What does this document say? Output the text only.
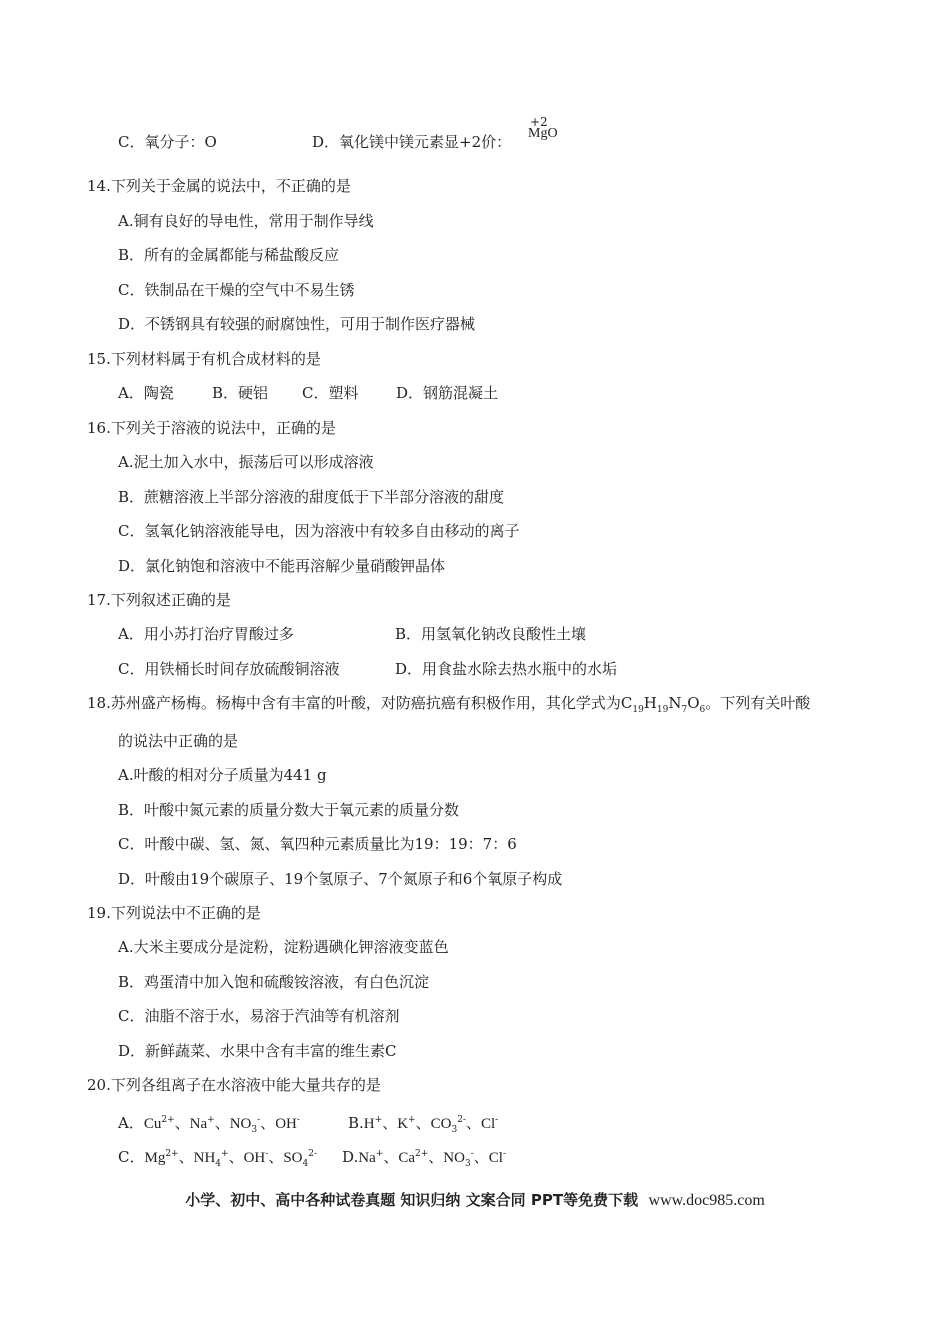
C．氧分子：O	D．氧化镁中镁元素显+2价：
+2
MgO
14.下列关于金属的说法中，不正确的是
A.铜有良好的导电性，常用于制作导线
B．所有的金属都能与稀盐酸反应
C．铁制品在干燥的空气中不易生锈
D．不锈钢具有较强的耐腐蚀性，可用于制作医疗器械
15.下列材料属于有机合成材料的是
A．陶瓷	B．硬铝 C．塑料	D．钢筋混凝土
16.下列关于溶液的说法中，正确的是
A.泥土加入水中，振荡后可以形成溶液
B．蔗糖溶液上半部分溶液的甜度低于下半部分溶液的甜度
C．氢氧化钠溶液能导电，因为溶液中有较多自由移动的离子
D．氯化钠饱和溶液中不能再溶解少量硝酸钾晶体
17.下列叙述正确的是
A．用小苏打治疗胃酸过多	B．用氢氧化钠改良酸性土壤
C．用铁桶长时间存放硫酸铜溶液	D．用食盐水除去热水瓶中的水垢
18.苏州盛产杨梅。杨梅中含有丰富的叶酸，对防癌抗癌有积极作用，其化学式为$C_{19}H_{19}N_7O_6$。下列有关叶酸
的说法中正确的是
A.叶酸的相对分子质量为441 g
B．叶酸中氮元素的质量分数大于氧元素的质量分数
C．叶酸中碳、氢、氮、氧四种元素质量比为19：19：7：6
D．叶酸由19个碳原子、19个氢原子、7个氮原子和6个氧原子构成
19.下列说法中不正确的是
A.大米主要成分是淀粉，淀粉遇碘化钾溶液变蓝色
B．鸡蛋清中加入饱和硫酸铵溶液，有白色沉淀
C．油脂不溶于水，易溶于汽油等有机溶剂
D．新鲜蔬菜、水果中含有丰富的维生素C
20.下列各组离子在水溶液中能大量共存的是
A．$Cu^{2+}$、Na+、$NO_3^-$、OH-	B.H+、K+、$CO_3^{2-}$、Cl-
C．$Mg^{2+}$、$NH_4^+$、OH-、$SO_4^{2-}$ D.Na+、$Ca^{2+}$、$NO_3^-$、Cl-
小学、初中、高中各种试卷真题 知识归纳 文案合同 PPT等免费下载 www.doc985.com
